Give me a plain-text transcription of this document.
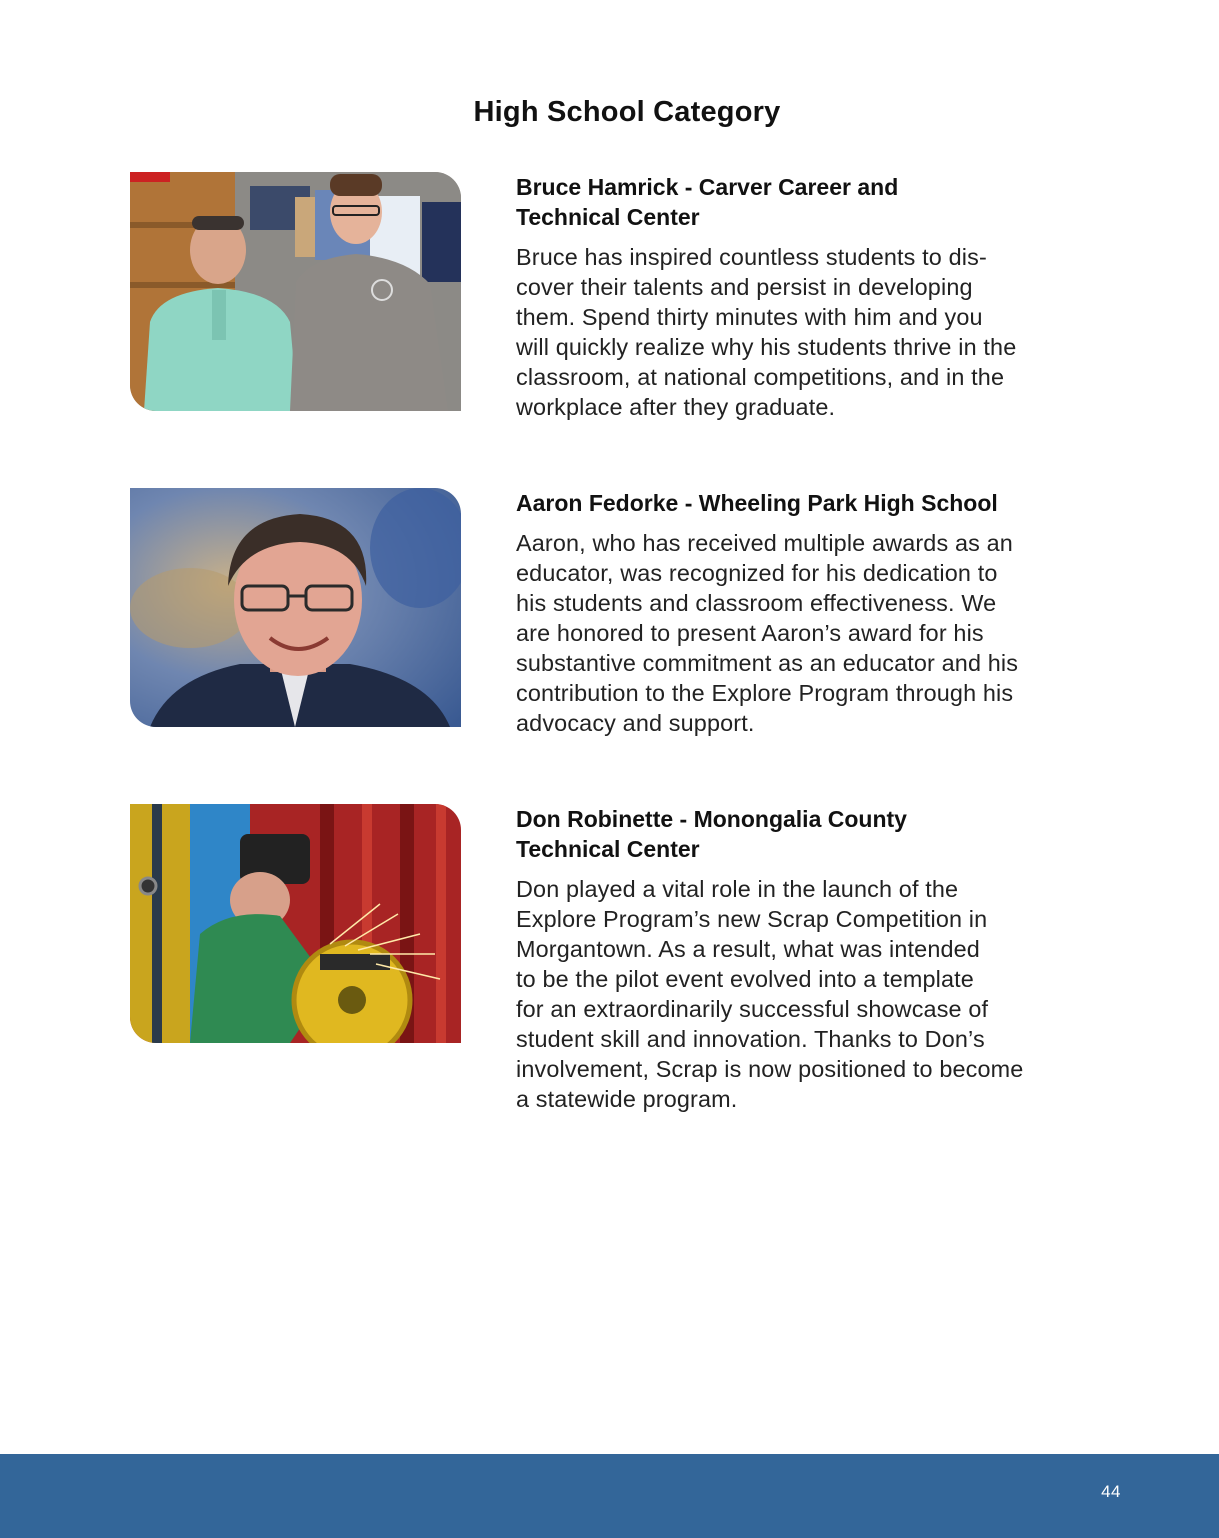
High School Category
Bruce Hamrick - Carver Career and
Technical Center

Bruce has inspired countless students to dis-
cover their talents and persist in developing
them. Spend thirty minutes with him and you
will quickly realize why his students thrive in the
classroom, at national competitions, and in the
workplace after they graduate.

Aaron Fedorke - Wheeling Park High School

Aaron, who has received multiple awards as an
educator, was recognized for his dedication to
his students and classroom effectiveness. We
are honored to present Aaron’s award for his
substantive commitment as an educator and his
contribution to the Explore Program through his
advocacy and support.

Don Robinette - Monongalia County
Technical Center

Don played a vital role in the launch of the
Explore Program’s new Scrap Competition in
Morgantown. As a result, what was intended
to be the pilot event evolved into a template
for an extraordinarily successful showcase of
student skill and innovation. Thanks to Don’s
involvement, Scrap is now positioned to become
a statewide program.

44
